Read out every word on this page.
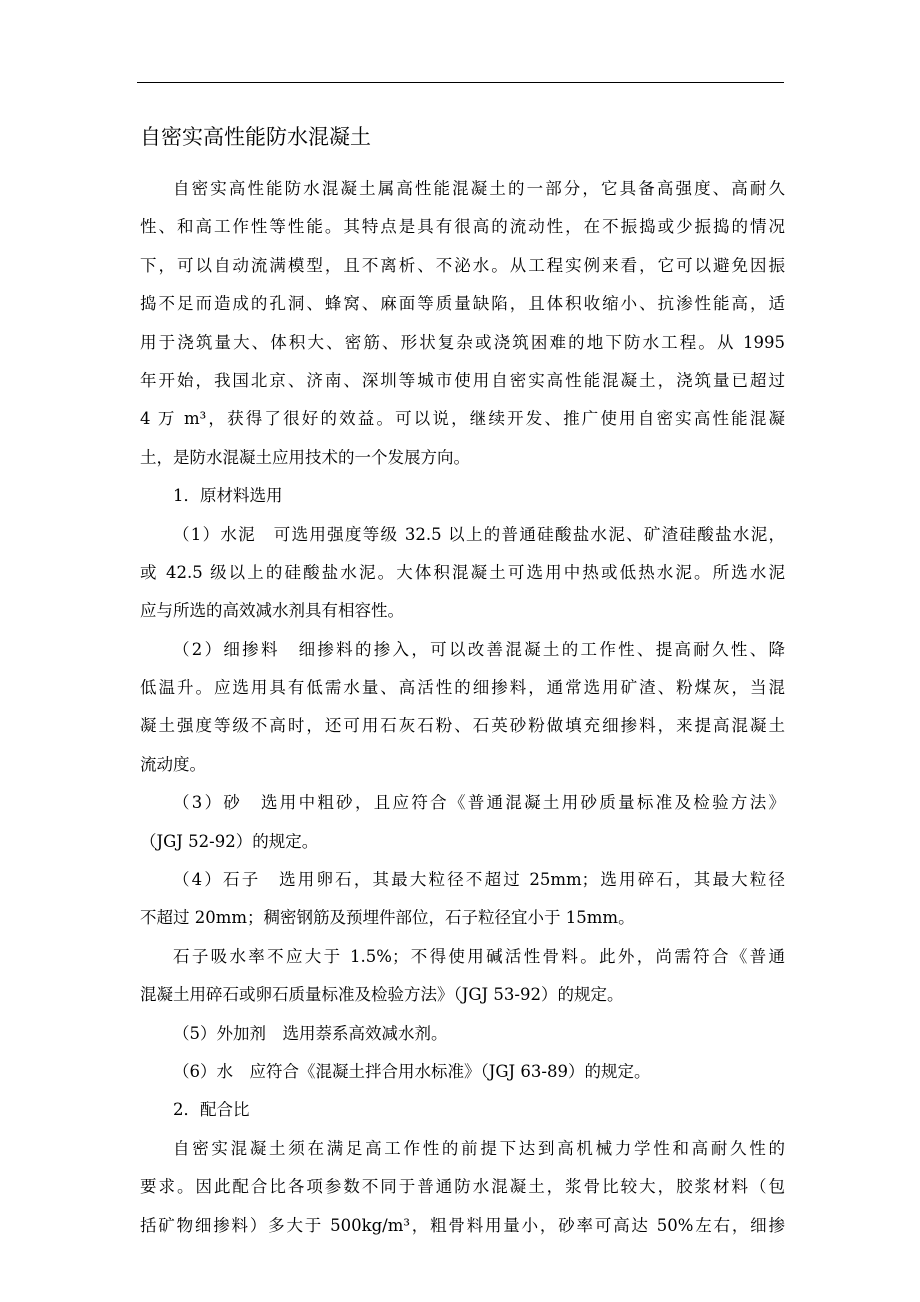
自密实高性能防水混凝土
自密实高性能防水混凝土属高性能混凝土的一部分，它具备高强度、高耐久
性、和高工作性等性能。其特点是具有很高的流动性，在不振捣或少振捣的情况
下，可以自动流满模型，且不离析、不泌水。从工程实例来看，它可以避免因振
捣不足而造成的孔洞、蜂窝、麻面等质量缺陷，且体积收缩小、抗渗性能高，适
用于浇筑量大、体积大、密筋、形状复杂或浇筑困难的地下防水工程。从 1995
年开始，我国北京、济南、深圳等城市使用自密实高性能混凝土，浇筑量已超过
4 万 m³，获得了很好的效益。可以说，继续开发、推广使用自密实高性能混凝
土，是防水混凝土应用技术的一个发展方向。
1．原材料选用
（1）水泥　可选用强度等级 32.5 以上的普通硅酸盐水泥、矿渣硅酸盐水泥，
或 42.5 级以上的硅酸盐水泥。大体积混凝土可选用中热或低热水泥。所选水泥
应与所选的高效减水剂具有相容性。
（2）细掺料　细掺料的掺入，可以改善混凝土的工作性、提高耐久性、降
低温升。应选用具有低需水量、高活性的细掺料，通常选用矿渣、粉煤灰，当混
凝土强度等级不高时，还可用石灰石粉、石英砂粉做填充细掺料，来提高混凝土
流动度。
（3）砂　选用中粗砂，且应符合《普通混凝土用砂质量标准及检验方法》
（JGJ 52-92）的规定。
（4）石子　选用卵石，其最大粒径不超过 25mm；选用碎石，其最大粒径
不超过 20mm；稠密钢筋及预埋件部位，石子粒径宜小于 15mm。
石子吸水率不应大于 1.5%；不得使用碱活性骨料。此外，尚需符合《普通
混凝土用碎石或卵石质量标准及检验方法》（JGJ 53-92）的规定。
（5）外加剂　选用萘系高效减水剂。
（6）水　应符合《混凝土拌合用水标准》（JGJ 63-89）的规定。
2．配合比
自密实混凝土须在满足高工作性的前提下达到高机械力学性和高耐久性的
要求。因此配合比各项参数不同于普通防水混凝土，浆骨比较大，胶浆材料（包
括矿物细掺料）多大于 500kg/m³，粗骨料用量小，砂率可高达 50%左右，细掺
